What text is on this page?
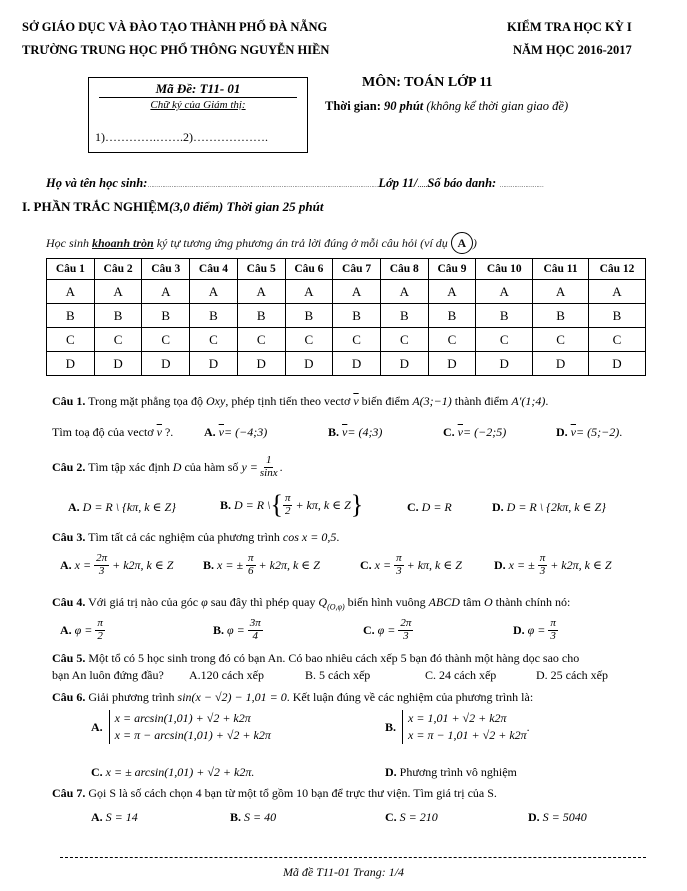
SỞ GIÁO DỤC VÀ ĐÀO TẠO THÀNH PHỐ ĐÀ NẴNG
TRƯỜNG TRUNG HỌC PHỔ THÔNG NGUYỄN HIỀN
KIỂM TRA HỌC KỲ I
NĂM HỌC 2016-2017
Mã Đề: T11- 01
Chữ ký của Giám thị:
1)………….…….2)……………….
MÔN: TOÁN LỚP 11
Thời gian: 90 phút (không kể thời gian giao đề)
Họ và tên học sinh:………………………………………………………………………………………………………………Lớp 11/.....Số báo danh: ……………………
I. PHẦN TRẮC NGHIỆM(3,0 điểm) Thời gian 25 phút
Học sinh khoanh tròn ký tự tương ứng phương án trả lời đúng ở mỗi câu hỏi (ví dụ A )
Câu 1	Câu 2	Câu 3	Câu 4	Câu 5	Câu 6	Câu 7	Câu 8	Câu 9	Câu 10	Câu 11	Câu 12
A	A	A	A	A	A	A	A	A	A	A	A
B	B	B	B	B	B	B	B	B	B	B	B
C	C	C	C	C	C	C	C	C	C	C	C
D	D	D	D	D	D	D	D	D	D	D	D
Câu 1. Trong mặt phẳng tọa độ Oxy, phép tịnh tiến theo vectơ $\overline{v}$ biến điểm A(3;−1) thành điểm A′(1;4).
Tìm toạ độ của vectơ $\overline{v}$ ?.	A. $\overline{v}=$ (−4;3)	B. $\overline{v}=$ (4;3)	C. $\overline{v}=$ (−2;5)	D. $\overline{v}=$ (5;−2).
Câu 2. Tìm tập xác định D của hàm số $y = \frac{1}{\sin x}$ .
A. D = R \ {kπ, k ∈ Z}	B.
D = R \ { $\frac{\pi}{2}$
+ kπ, k ∈ Z }	C. D = R	D. D = R \ {2kπ, k ∈ Z}
Câu 3. Tìm tất cả các nghiệm của phương trình cos x = 0,5.
A.
x =
$\frac{2\pi}{3}$
+ k2π, k ∈ Z B.
x = ±
$\frac{\pi}{6}$
+ k2π, k ∈ Z	C.
x =
$\frac{\pi}{3}$
+ kπ, k ∈ Z	D.
x = ±
$\frac{\pi}{3}$
+ k2π, k ∈ Z
Câu 4. Với giá trị nào của góc φ sau đây thì phép quay $Q_{(O,\varphi)}$ biến hình vuông ABCD tâm O thành chính nó:
A.
φ =
$\frac{\pi}{2}$	B.
φ =
$\frac{3\pi}{4}$	C.
φ =
$\frac{2\pi}{3}$	D.
φ =
$\frac{\pi}{3}$
Câu 5. Một tổ có 5 học sinh trong đó có bạn An. Có bao nhiêu cách xếp 5 bạn đó thành một hàng dọc sao cho
bạn An luôn đứng đầu? A.120 cách xếp	B. 5 cách xếp	C. 24 cách xếp	D. 25 cách xếp
Câu 6. Giải phương trình sin(x − √2) − 1,01 = 0. Kết luận đúng về các nghiệm của phương trình là:
A.

x = arcsin(1,01) + √2 + k2π
x = π − arcsin(1,01) + √2 + k2π
B.

x = 1,01 + √2 + k2π
x = π − 1,01 + √2 + k2π
.
C. x = ± arcsin(1,01) + √2 + k2π.	D. Phương trình vô nghiệm
Câu 7. Gọi S là số cách chọn 4 bạn từ một tổ gồm 10 bạn để trực thư viện. Tìm giá trị của S.
A. S = 14	B. S = 40	C. S = 210	D. S = 5040
Mã đề T11-01 Trang: 1/4
